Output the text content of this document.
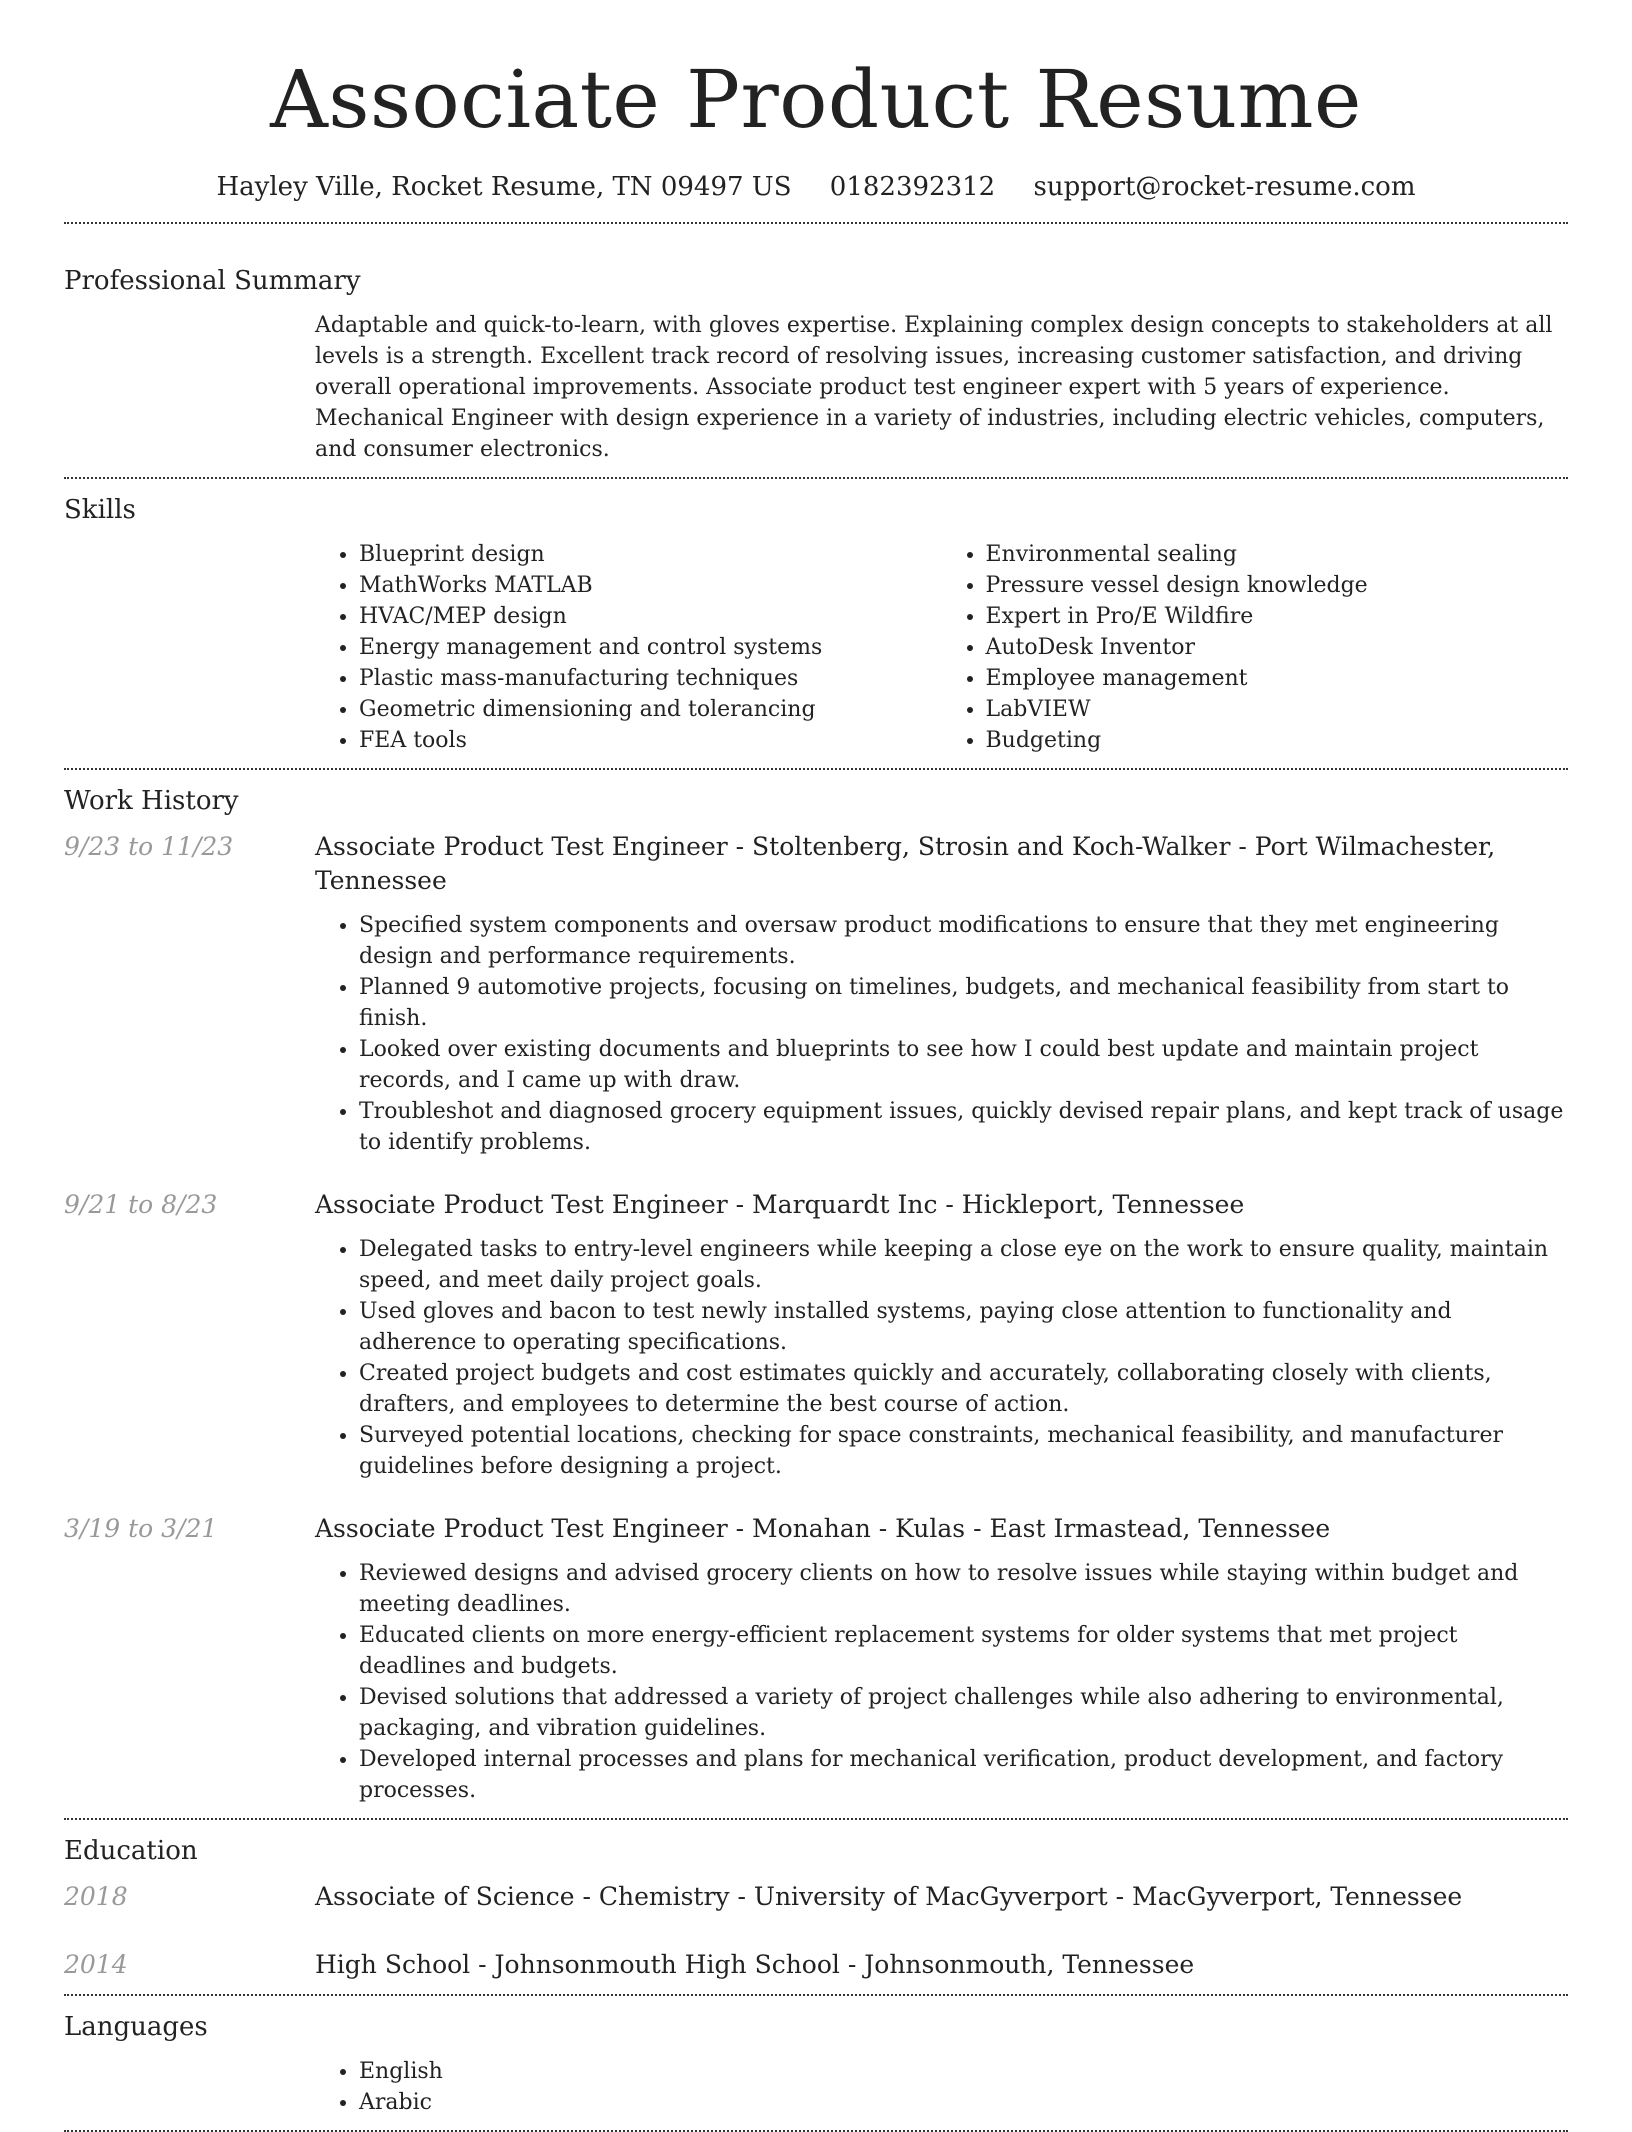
Associate Product Resume
Hayley Ville, Rocket Resume, TN 09497 US 0182392312 support@rocket-resume.com
Professional Summary

Adaptable and quick-to-learn, with gloves expertise. Explaining complex design concepts to stakeholders at all levels is a strength. Excellent track record of resolving issues, increasing customer satisfaction, and driving overall operational improvements. Associate product test engineer expert with 5 years of experience. Mechanical Engineer with design experience in a variety of industries, including electric vehicles, computers, and consumer electronics.

Skills
• Blueprint design
• MathWorks MATLAB
• HVAC/MEP design
• Energy management and control systems
• Plastic mass-manufacturing techniques
• Geometric dimensioning and tolerancing
• FEA tools
• Environmental sealing
• Pressure vessel design knowledge
• Expert in Pro/E Wildfire
• AutoDesk Inventor
• Employee management
• LabVIEW
• Budgeting
Work History
9/23 to 11/23	Associate Product Test Engineer - Stoltenberg, Strosin and Koch-Walker - Port Wilmachester, Tennessee
• Specified system components and oversaw product modifications to ensure that they met engineering design and performance requirements.
• Planned 9 automotive projects, focusing on timelines, budgets, and mechanical feasibility from start to finish.
• Looked over existing documents and blueprints to see how I could best update and maintain project records, and I came up with draw.
• Troubleshot and diagnosed grocery equipment issues, quickly devised repair plans, and kept track of usage to identify problems.
9/21 to 8/23	Associate Product Test Engineer - Marquardt Inc - Hickleport, Tennessee
• Delegated tasks to entry-level engineers while keeping a close eye on the work to ensure quality, maintain speed, and meet daily project goals.
• Used gloves and bacon to test newly installed systems, paying close attention to functionality and adherence to operating specifications.
• Created project budgets and cost estimates quickly and accurately, collaborating closely with clients, drafters, and employees to determine the best course of action.
• Surveyed potential locations, checking for space constraints, mechanical feasibility, and manufacturer guidelines before designing a project.
3/19 to 3/21	Associate Product Test Engineer - Monahan - Kulas - East Irmastead, Tennessee
• Reviewed designs and advised grocery clients on how to resolve issues while staying within budget and meeting deadlines.
• Educated clients on more energy-efficient replacement systems for older systems that met project deadlines and budgets.
• Devised solutions that addressed a variety of project challenges while also adhering to environmental, packaging, and vibration guidelines.
• Developed internal processes and plans for mechanical verification, product development, and factory processes.
Education
2018	Associate of Science - Chemistry - University of MacGyverport - MacGyverport, Tennessee
2014	High School - Johnsonmouth High School - Johnsonmouth, Tennessee
Languages
• English
• Arabic
